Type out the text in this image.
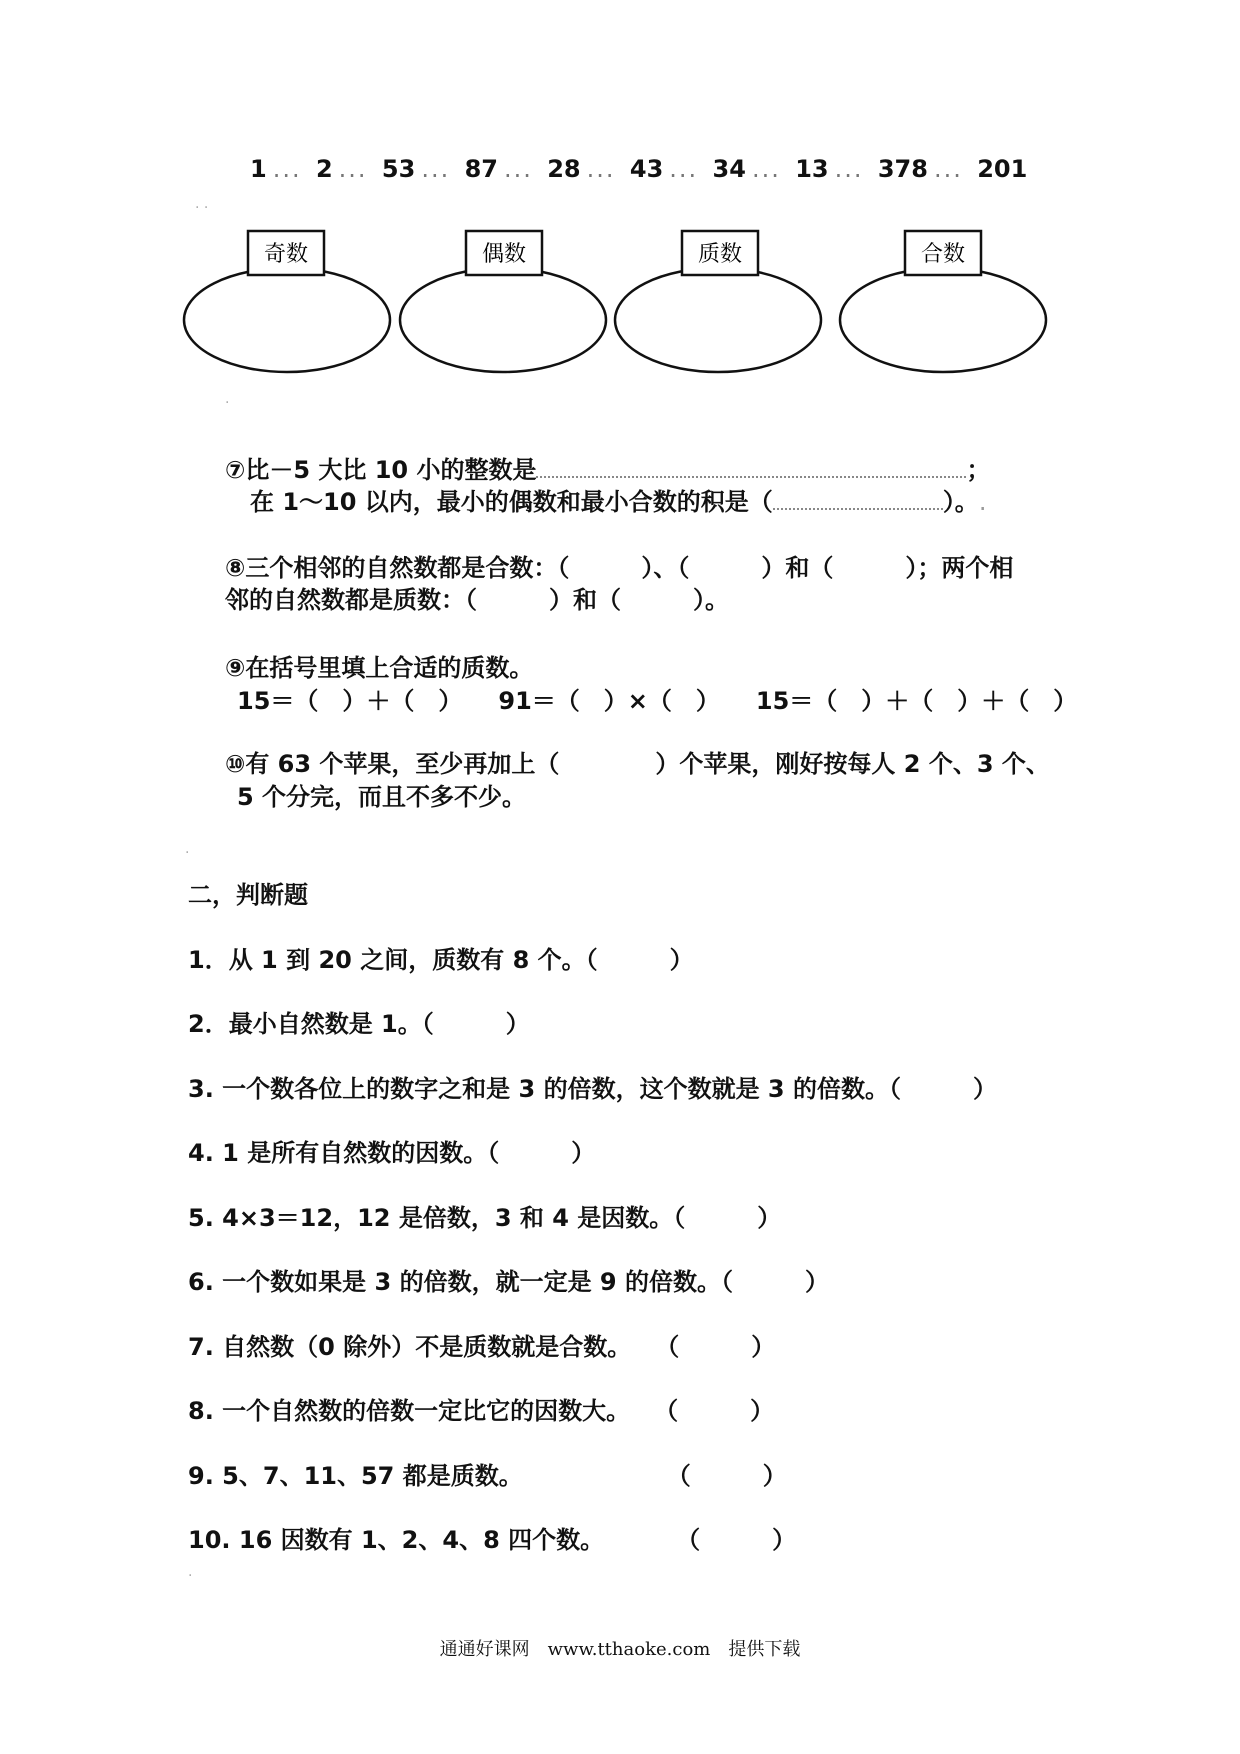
1 ... 2 ... 53 ... 87 ... 28 ... 43 ... 34 ... 13 ... 378 ... 201
· ·
奇数	偶数	质数	合数
·
⑦比－5 大比 10 小的整数是	；
在 1～10 以内，最小的偶数和最小合数的积是（	）。.
⑧三个相邻的自然数都是合数：（　　　）、（　　　）和（　　　）；两个相
邻的自然数都是质数：（　　　）和（　　　）。
⑨在括号里填上合适的质数。
15＝（　）＋（　）　　91＝（　）×（　）　　15＝（　）＋（　）＋（　）
⑩有 63 个苹果，至少再加上（　　　　）个苹果，刚好按每人 2 个、3 个、
5 个分完，而且不多不少。
·
二，判断题
1．从 1 到 20 之间，质数有 8 个。（　　　）
2．最小自然数是 1。（　　　）
3. 一个数各位上的数字之和是 3 的倍数，这个数就是 3 的倍数。（　　　）
4. 1 是所有自然数的因数。（　　　）
5. 4×3＝12，12 是倍数，3 和 4 是因数。（　　　）
6. 一个数如果是 3 的倍数，就一定是 9 的倍数。（　　　）
7. 自然数（0 除外）不是质数就是合数。　　（　　　）
8. 一个自然数的倍数一定比它的因数大。　　（　　　）
9. 5、7、11、57 都是质数。　　　　　　　（　　　）
10. 16 因数有 1、2、4、8 四个数。　　　　（　　　）
·
通通好课网　www.tthaoke.com　提供下载
